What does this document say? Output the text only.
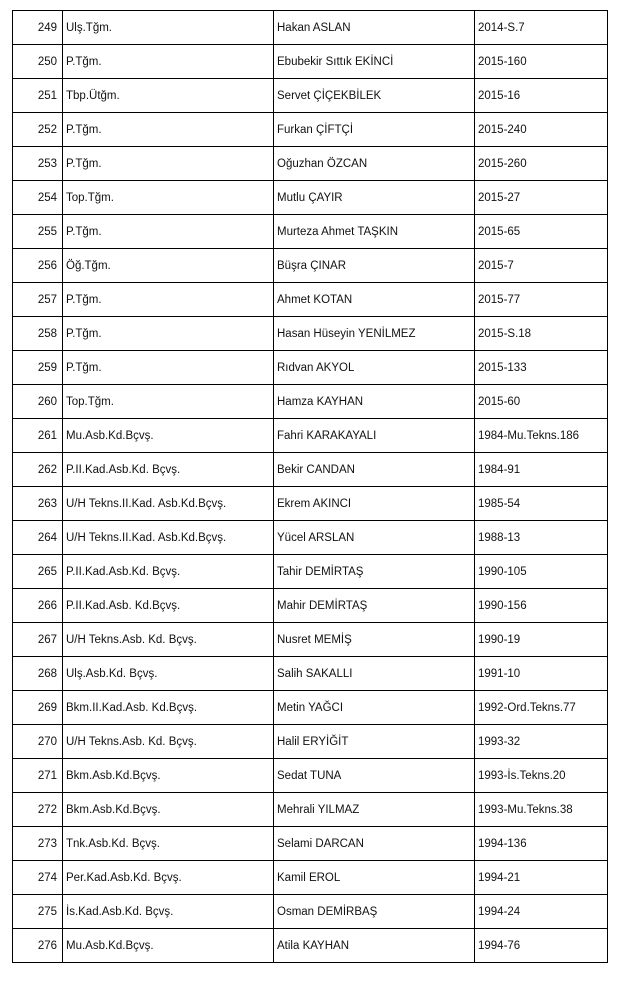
249	Ulş.Tğm.	Hakan ASLAN	2014-S.7
250	P.Tğm.	Ebubekir Sıttık EKİNCİ	2015-160
251	Tbp.Ütğm.	Servet ÇİÇEKBİLEK	2015-16
252	P.Tğm.	Furkan ÇİFTÇİ	2015-240
253	P.Tğm.	Oğuzhan ÖZCAN	2015-260
254	Top.Tğm.	Mutlu ÇAYIR	2015-27
255	P.Tğm.	Murteza Ahmet TAŞKIN	2015-65
256	Öğ.Tğm.	Büşra ÇINAR	2015-7
257	P.Tğm.	Ahmet KOTAN	2015-77
258	P.Tğm.	Hasan Hüseyin YENİLMEZ	2015-S.18
259	P.Tğm.	Rıdvan AKYOL	2015-133
260	Top.Tğm.	Hamza KAYHAN	2015-60
261	Mu.Asb.Kd.Bçvş.	Fahri KARAKAYALI	1984-Mu.Tekns.186
262	P.II.Kad.Asb.Kd. Bçvş.	Bekir CANDAN	1984-91
263	U/H Tekns.II.Kad. Asb.Kd.Bçvş.	Ekrem AKINCI	1985-54
264	U/H Tekns.II.Kad. Asb.Kd.Bçvş.	Yücel ARSLAN	1988-13
265	P.II.Kad.Asb.Kd. Bçvş.	Tahir DEMİRTAŞ	1990-105
266	P.II.Kad.Asb. Kd.Bçvş.	Mahir DEMİRTAŞ	1990-156
267	U/H Tekns.Asb. Kd. Bçvş.	Nusret MEMİŞ	1990-19
268	Ulş.Asb.Kd. Bçvş.	Salih SAKALLI	1991-10
269	Bkm.II.Kad.Asb. Kd.Bçvş.	Metin YAĞCI	1992-Ord.Tekns.77
270	U/H Tekns.Asb. Kd. Bçvş.	Halil ERYİĞİT	1993-32
271	Bkm.Asb.Kd.Bçvş.	Sedat TUNA	1993-İs.Tekns.20
272	Bkm.Asb.Kd.Bçvş.	Mehrali YILMAZ	1993-Mu.Tekns.38
273	Tnk.Asb.Kd. Bçvş.	Selami DARCAN	1994-136
274	Per.Kad.Asb.Kd. Bçvş.	Kamil EROL	1994-21
275	İs.Kad.Asb.Kd. Bçvş.	Osman DEMİRBAŞ	1994-24
276	Mu.Asb.Kd.Bçvş.	Atila KAYHAN	1994-76
